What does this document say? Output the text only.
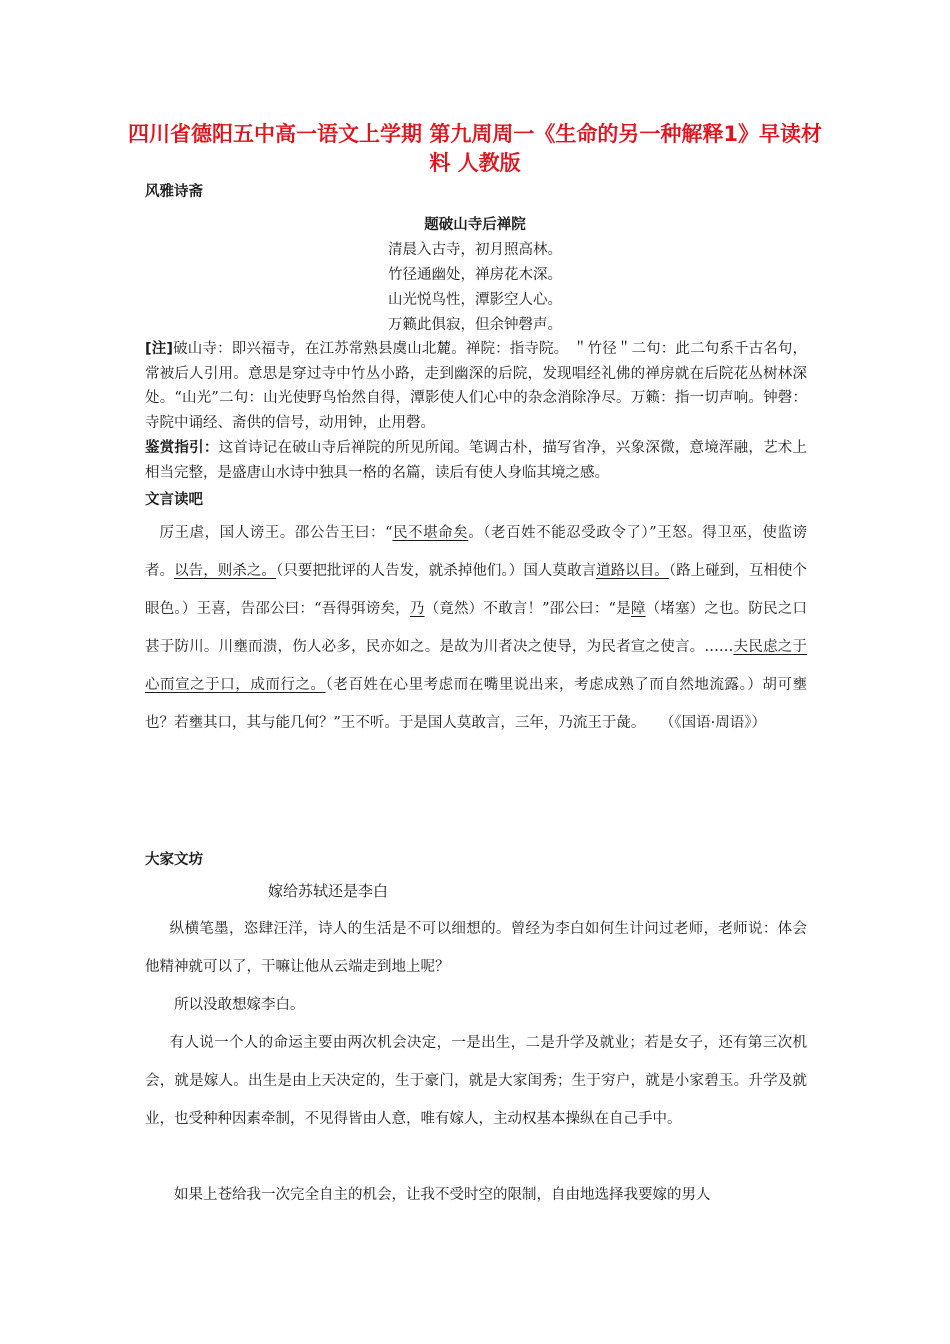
四川省德阳五中高一语文上学期 第九周周一《生命的另一种解释1》早读材料 人教版
风雅诗斋
题破山寺后禅院
清晨入古寺，初月照高林。
竹径通幽处，禅房花木深。
山光悦鸟性，潭影空人心。
万籁此俱寂，但余钟磬声。
[注]破山寺：即兴福寺，在江苏常熟县虞山北麓。禅院：指寺院。 ＂竹径＂二句：此二句系千古名句，常被后人引用。意思是穿过寺中竹丛小路，走到幽深的后院，发现唱经礼佛的禅房就在后院花丛树林深处。“山光”二句：山光使野鸟怡然自得，潭影使人们心中的杂念消除净尽。万籁：指一切声响。钟磬：寺院中诵经、斋供的信号，动用钟，止用磬。
鉴赏指引：这首诗记在破山寺后禅院的所见所闻。笔调古朴，描写省净，兴象深微，意境浑融，艺术上相当完整，是盛唐山水诗中独具一格的名篇，读后有使人身临其境之感。
文言读吧
厉王虐，国人谤王。邵公告王曰：“民不堪命矣。（老百姓不能忍受政令了）”王怒。得卫巫，使监谤者。以告，则杀之。（只要把批评的人告发，就杀掉他们。）国人莫敢言道路以目。（路上碰到，互相使个眼色。）王喜，告邵公曰：“吾得弭谤矣，乃（竟然）不敢言！”邵公曰：“是障（堵塞）之也。防民之口甚于防川。川壅而溃，伤人必多，民亦如之。是故为川者决之使导，为民者宣之使言。……夫民虑之于心而宣之于口，成而行之。（老百姓在心里考虑而在嘴里说出来，考虑成熟了而自然地流露。）胡可壅也？若壅其口，其与能几何？”王不听。于是国人莫敢言，三年，乃流王于彘。　　（《国语·周语》）
大家文坊
嫁给苏轼还是李白
纵横笔墨，恣肆汪洋，诗人的生活是不可以细想的。曾经为李白如何生计问过老师，老师说：体会他精神就可以了，干嘛让他从云端走到地上呢？
所以没敢想嫁李白。
有人说一个人的命运主要由两次机会决定，一是出生，二是升学及就业；若是女子，还有第三次机会，就是嫁人。出生是由上天决定的，生于豪门，就是大家闺秀；生于穷户，就是小家碧玉。升学及就业，也受种种因素牵制，不见得皆由人意，唯有嫁人，主动权基本操纵在自己手中。
如果上苍给我一次完全自主的机会，让我不受时空的限制，自由地选择我要嫁的男人
